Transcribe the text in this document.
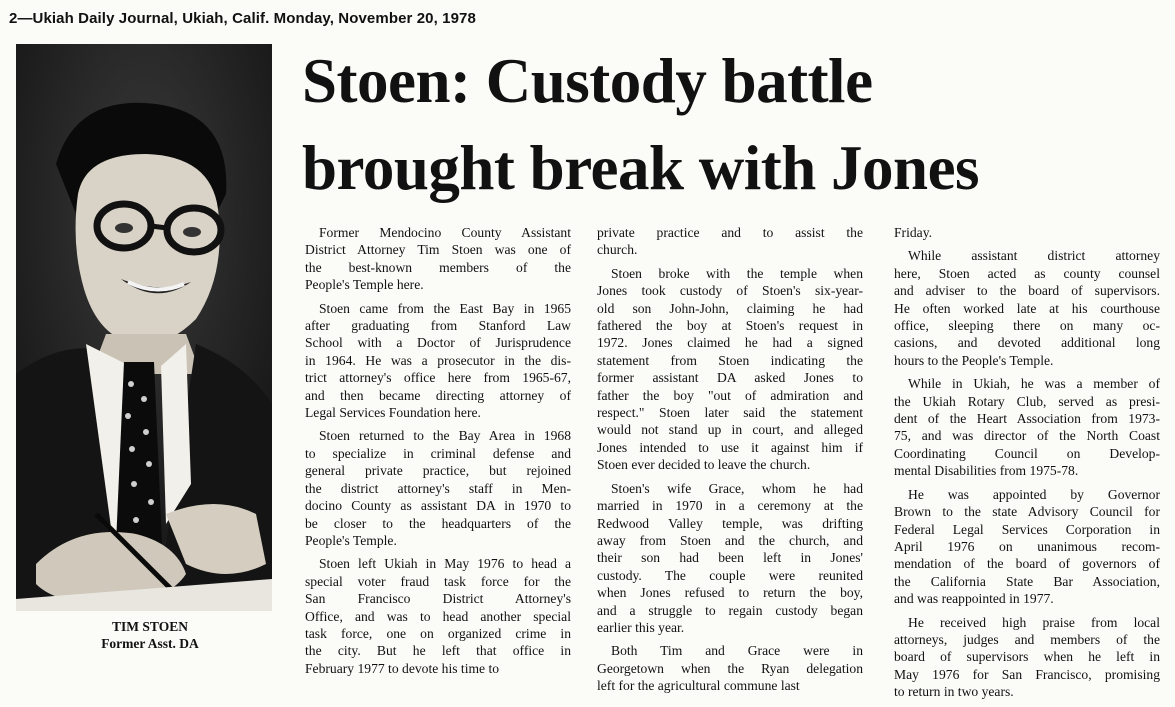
2—Ukiah Daily Journal, Ukiah, Calif. Monday, November 20, 1978
TIM STOEN
Former Asst. DA
Stoen: Custody battle
brought break with Jones

Former Mendocino County Assistant
District Attorney Tim Stoen was one of
the best-known members of the
People's Temple here.

Stoen came from the East Bay in 1965
after graduating from Stanford Law
School with a Doctor of Jurisprudence
in 1964. He was a prosecutor in the dis-
trict attorney's office here from 1965-67,
and then became directing attorney of
Legal Services Foundation here.

Stoen returned to the Bay Area in 1968
to specialize in criminal defense and
general private practice, but rejoined
the district attorney's staff in Men-
docino County as assistant DA in 1970 to
be closer to the headquarters of the
People's Temple.

Stoen left Ukiah in May 1976 to head a
special voter fraud task force for the
San Francisco District Attorney's
Office, and was to head another special
task force, one on organized crime in
the city. But he left that office in
February 1977 to devote his time to

private practice and to assist the
church.

Stoen broke with the temple when
Jones took custody of Stoen's six-year-
old son John-John, claiming he had
fathered the boy at Stoen's request in
1972. Jones claimed he had a signed
statement from Stoen indicating the
former assistant DA asked Jones to
father the boy "out of admiration and
respect." Stoen later said the statement
would not stand up in court, and alleged
Jones intended to use it against him if
Stoen ever decided to leave the church.

Stoen's wife Grace, whom he had
married in 1970 in a ceremony at the
Redwood Valley temple, was drifting
away from Stoen and the church, and
their son had been left in Jones'
custody. The couple were reunited
when Jones refused to return the boy,
and a struggle to regain custody began
earlier this year.

Both Tim and Grace were in
Georgetown when the Ryan delegation
left for the agricultural commune last

Friday.

While assistant district attorney
here, Stoen acted as county counsel
and adviser to the board of supervisors.
He often worked late at his courthouse
office, sleeping there on many oc-
casions, and devoted additional long
hours to the People's Temple.

While in Ukiah, he was a member of
the Ukiah Rotary Club, served as presi-
dent of the Heart Association from 1973-
75, and was director of the North Coast
Coordinating Council on Develop-
mental Disabilities from 1975-78.

He was appointed by Governor
Brown to the state Advisory Council for
Federal Legal Services Corporation in
April 1976 on unanimous recom-
mendation of the board of governors of
the California State Bar Association,
and was reappointed in 1977.

He received high praise from local
attorneys, judges and members of the
board of supervisors when he left in
May 1976 for San Francisco, promising
to return in two years.
